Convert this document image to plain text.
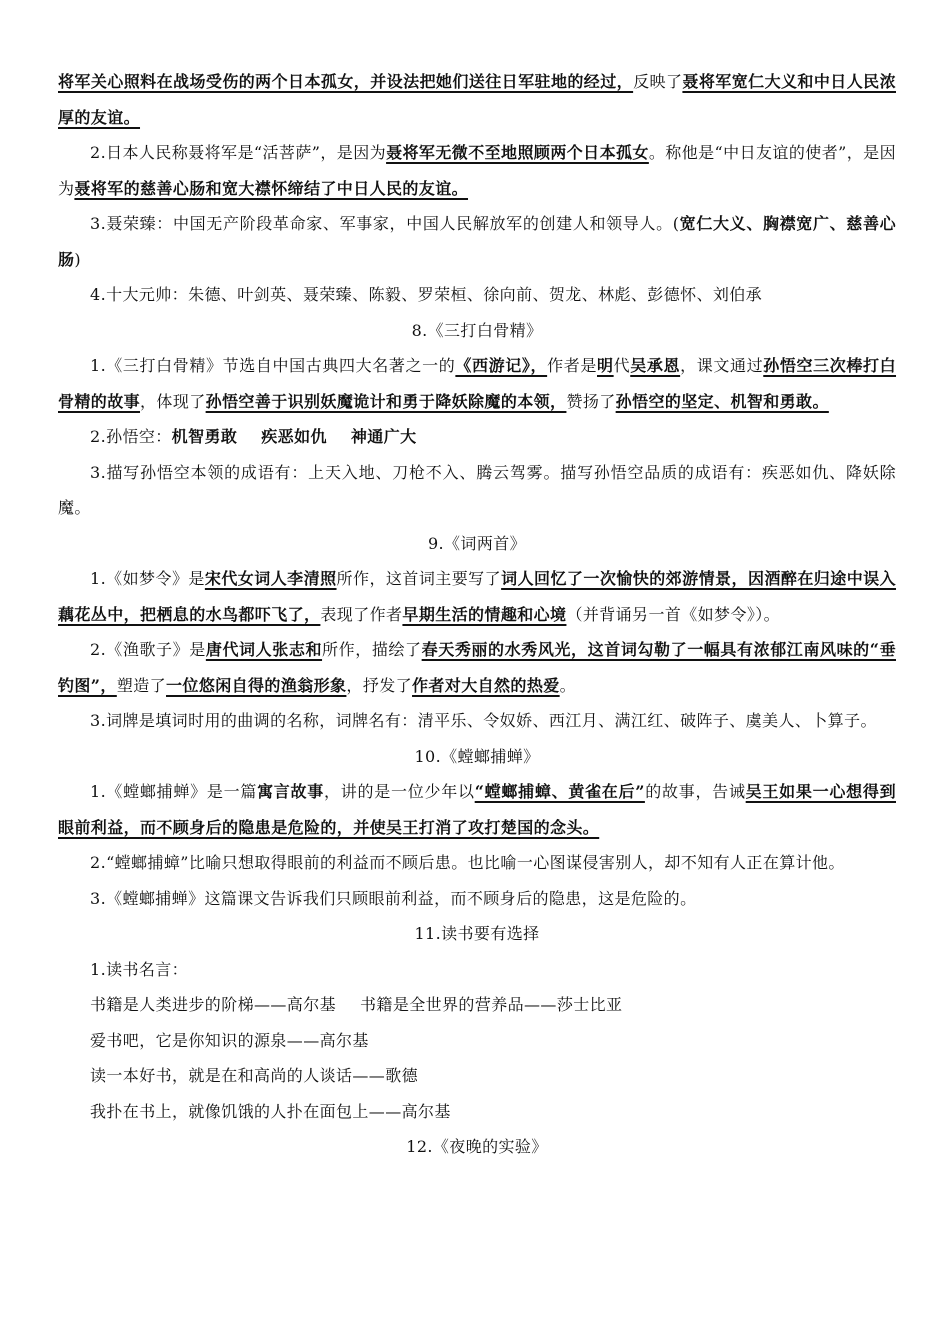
将军关心照料在战场受伤的两个日本孤女，并设法把她们送往日军驻地的经过，反映了聂将军宽仁大义和中日人民浓厚的友谊。

2.日本人民称聂将军是“活菩萨”，是因为聂将军无微不至地照顾两个日本孤女。称他是“中日友谊的使者”，是因为聂将军的慈善心肠和宽大襟怀缔结了中日人民的友谊。

3.聂荣臻：中国无产阶段革命家、军事家，中国人民解放军的创建人和领导人。(宽仁大义、胸襟宽广、慈善心肠)

4.十大元帅：朱德、叶剑英、聂荣臻、陈毅、罗荣桓、徐向前、贺龙、林彪、彭德怀、刘伯承

8.《三打白骨精》

1.《三打白骨精》节选自中国古典四大名著之一的《西游记》，作者是明代吴承恩，课文通过孙悟空三次棒打白骨精的故事，体现了孙悟空善于识别妖魔诡计和勇于降妖除魔的本领，赞扬了孙悟空的坚定、机智和勇敢。

2.孙悟空：机智勇敢 疾恶如仇 神通广大

3.描写孙悟空本领的成语有：上天入地、刀枪不入、腾云驾雾。描写孙悟空品质的成语有：疾恶如仇、降妖除魔。

9.《词两首》

1.《如梦令》是宋代女词人李清照所作，这首词主要写了词人回忆了一次愉快的郊游情景，因酒醉在归途中误入藕花丛中，把栖息的水鸟都吓飞了，表现了作者早期生活的情趣和心境（并背诵另一首《如梦令》）。

2.《渔歌子》是唐代词人张志和所作，描绘了春天秀丽的水秀风光，这首词勾勒了一幅具有浓郁江南风味的“垂钓图”，塑造了一位悠闲自得的渔翁形象，抒发了作者对大自然的热爱。

3.词牌是填词时用的曲调的名称，词牌名有：清平乐、令奴娇、西江月、满江红、破阵子、虞美人、卜算子。

10.《螳螂捕蝉》

1.《螳螂捕蝉》是一篇寓言故事，讲的是一位少年以“螳螂捕蟑、黄雀在后”的故事，告诫吴王如果一心想得到眼前利益，而不顾身后的隐患是危险的，并使吴王打消了攻打楚国的念头。

2.“螳螂捕蟑”比喻只想取得眼前的利益而不顾后患。也比喻一心图谋侵害别人，却不知有人正在算计他。

3.《螳螂捕蝉》这篇课文告诉我们只顾眼前利益，而不顾身后的隐患，这是危险的。

11.读书要有选择

1.读书名言：

书籍是人类进步的阶梯——高尔基 书籍是全世界的营养品——莎士比亚

爱书吧，它是你知识的源泉——高尔基

读一本好书，就是在和高尚的人谈话——歌德

我扑在书上，就像饥饿的人扑在面包上——高尔基

12.《夜晚的实验》
